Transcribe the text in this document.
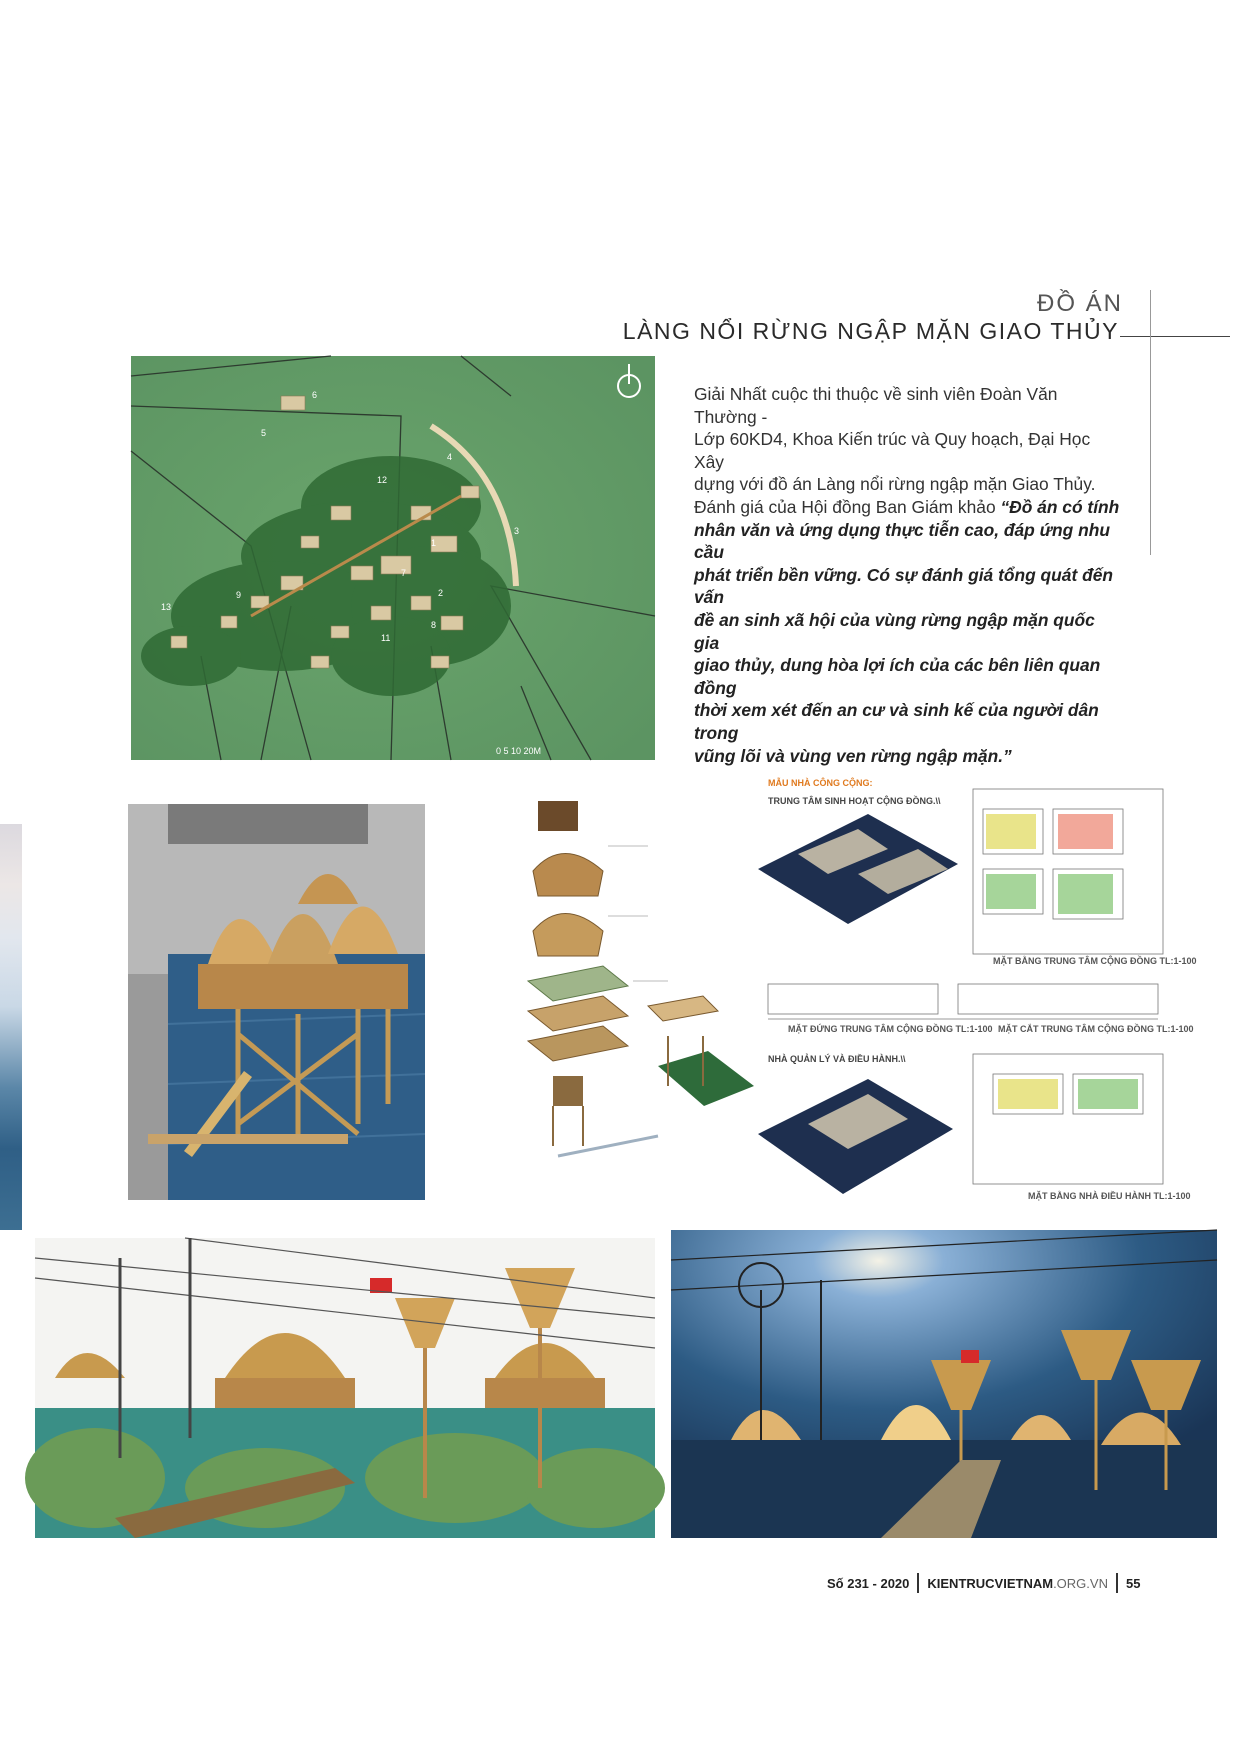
ĐỒ ÁN
LÀNG NỔI RỪNG NGẬP MẶN GIAO THỦY
Giải Nhất cuộc thi thuộc về sinh viên Đoàn Văn Thường -
Lớp 60KD4, Khoa Kiến trúc và Quy hoạch, Đại Học Xây
dựng với đồ án Làng nổi rừng ngập mặn Giao Thủy.
Đánh giá của Hội đồng Ban Giám khảo “Đồ án có tính
nhân văn và ứng dụng thực tiễn cao, đáp ứng nhu cầu
phát triển bền vững. Có sự đánh giá tổng quát đến vấn
đề an sinh xã hội của vùng rừng ngập mặn quốc gia
giao thủy, dung hòa lợi ích của các bên liên quan đồng
thời xem xét đến an cư và sinh kế của người dân trong
vũng lõi và vùng ven rừng ngập mặn.”
6
5
4
12
3
1
13
7
2
8
11
9
0 5 10 20M
MẪU NHÀ CÔNG CỘNG:
TRUNG TÂM SINH HOẠT CỘNG ĐỒNG.\\
MẶT BẰNG TRUNG TÂM CỘNG ĐỒNG TL:1-100
MẶT ĐỨNG TRUNG TÂM CỘNG ĐỒNG TL:1-100 MẶT CẮT TRUNG TÂM CỘNG ĐỒNG TL:1-100
NHÀ QUẢN LÝ VÀ ĐIỀU HÀNH.\\
MẶT BẰNG NHÀ ĐIỀU HÀNH TL:1-100
Số 231 - 2020 KIENTRUCVIETNAM .ORG.VN 55
